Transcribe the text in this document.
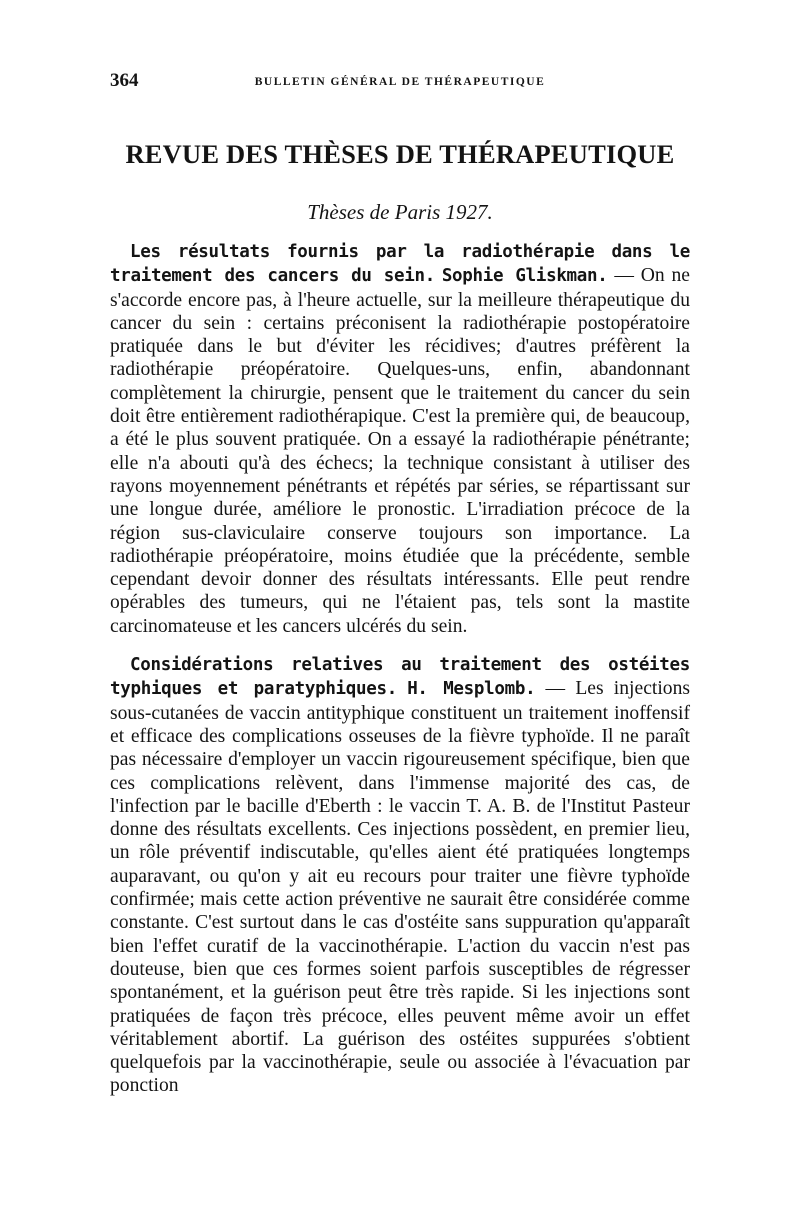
364	BULLETIN GÉNÉRAL DE THÉRAPEUTIQUE
REVUE DES THÈSES DE THÉRAPEUTIQUE

Thèses de Paris 1927.

Les résultats fournis par la radiothérapie dans le traitement des cancers du sein. Sophie Gliskman. — On ne s'accorde encore pas, à l'heure actuelle, sur la meilleure thérapeutique du cancer du sein : certains préconisent la radiothérapie postopératoire pratiquée dans le but d'éviter les récidives; d'autres préfèrent la radiothérapie préopératoire. Quelques-uns, enfin, abandonnant complètement la chirurgie, pensent que le traitement du cancer du sein doit être entièrement radiothérapique. C'est la première qui, de beaucoup, a été le plus souvent pratiquée. On a essayé la radiothérapie pénétrante; elle n'a abouti qu'à des échecs; la technique consistant à utiliser des rayons moyennement pénétrants et répétés par séries, se répartissant sur une longue durée, améliore le pronostic. L'irradiation précoce de la région sus-claviculaire conserve toujours son importance. La radiothérapie préopératoire, moins étudiée que la précédente, semble cependant devoir donner des résultats intéressants. Elle peut rendre opérables des tumeurs, qui ne l'étaient pas, tels sont la mastite carcinomateuse et les cancers ulcérés du sein.

Considérations relatives au traitement des ostéites typhiques et paratyphiques. H. Mesplomb. — Les injections sous-cutanées de vaccin antityphique constituent un traitement inoffensif et efficace des complications osseuses de la fièvre typhoïde. Il ne paraît pas nécessaire d'employer un vaccin rigoureusement spécifique, bien que ces complications relèvent, dans l'immense majorité des cas, de l'infection par le bacille d'Eberth : le vaccin T. A. B. de l'Institut Pasteur donne des résultats excellents. Ces injections possèdent, en premier lieu, un rôle préventif indiscutable, qu'elles aient été pratiquées longtemps auparavant, ou qu'on y ait eu recours pour traiter une fièvre typhoïde confirmée; mais cette action préventive ne saurait être considérée comme constante. C'est surtout dans le cas d'ostéite sans suppuration qu'apparaît bien l'effet curatif de la vaccinothérapie. L'action du vaccin n'est pas douteuse, bien que ces formes soient parfois susceptibles de régresser spontanément, et la guérison peut être très rapide. Si les injections sont pratiquées de façon très précoce, elles peuvent même avoir un effet véritablement abortif. La guérison des ostéites suppurées s'obtient quelquefois par la vaccinothérapie, seule ou associée à l'évacuation par ponction
